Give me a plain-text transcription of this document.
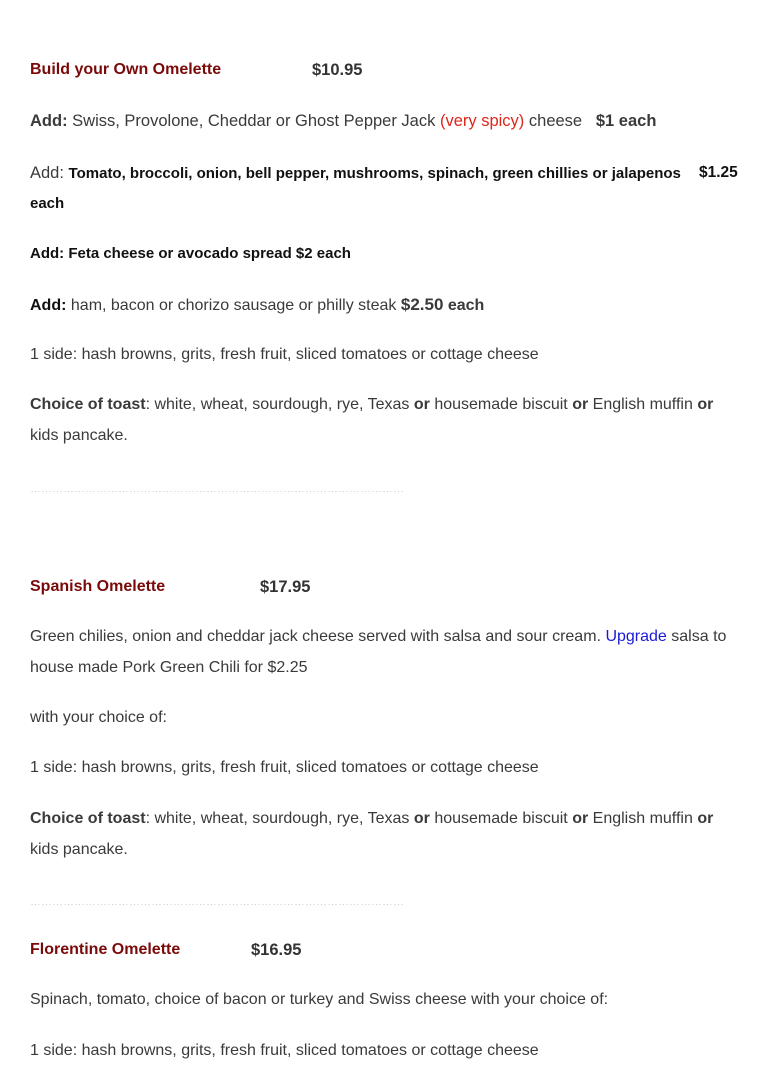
Build your Own Omelette	$10.95
Add: Swiss, Provolone, Cheddar or Ghost Pepper Jack (very spicy) cheese $1 each
Add: Tomato, broccoli, onion, bell pepper, mushrooms, spinach, green chillies or jalapenos $1.25
each
Add: Feta cheese or avocado spread $2 each
Add: ham, bacon or chorizo sausage or philly steak $2.50 each
1 side: hash browns, grits, fresh fruit, sliced tomatoes or cottage cheese
Choice of toast: white, wheat, sourdough, rye, Texas or housemade biscuit or English muffin or kids pancake.
…………………………………………………………………………………………
Spanish Omelette	$17.95
Green chilies, onion and cheddar jack cheese served with salsa and sour cream. Upgrade salsa to house made Pork Green Chili for $2.25
with your choice of:
1 side: hash browns, grits, fresh fruit, sliced tomatoes or cottage cheese
Choice of toast: white, wheat, sourdough, rye, Texas or housemade biscuit or English muffin or kids pancake.
…………………………………………………………………………………………
Florentine Omelette	$16.95
Spinach, tomato, choice of bacon or turkey and Swiss cheese with your choice of:
1 side: hash browns, grits, fresh fruit, sliced tomatoes or cottage cheese
